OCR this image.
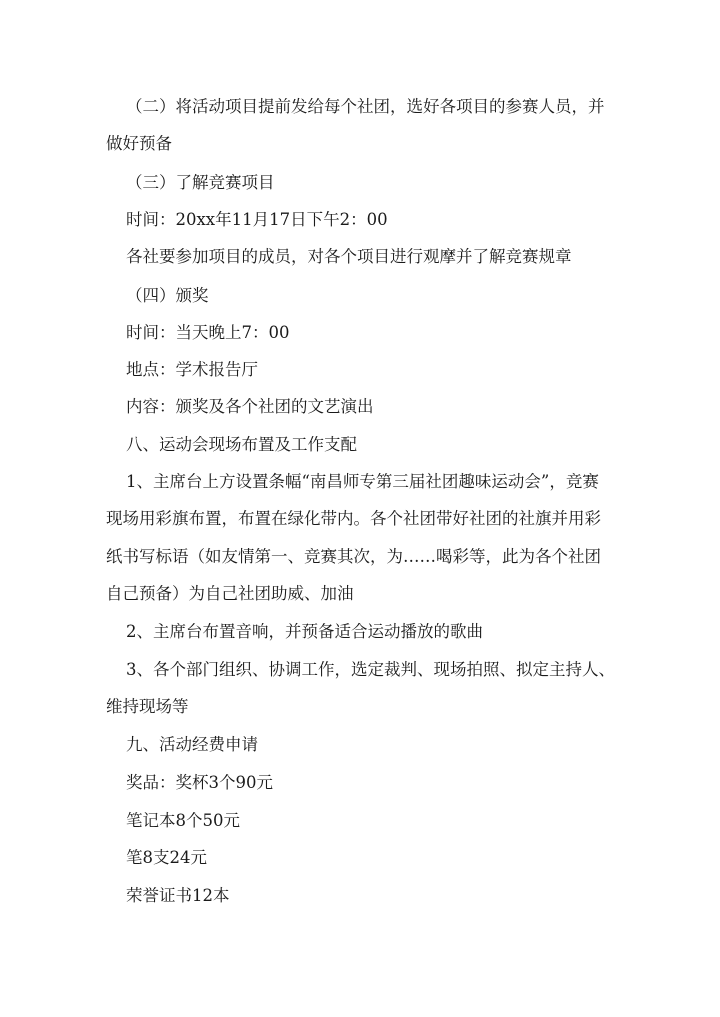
（二）将活动项目提前发给每个社团，选好各项目的参赛人员，并
做好预备
（三）了解竞赛项目
时间：20xx年11月17日下午2：00
各社要参加项目的成员，对各个项目进行观摩并了解竞赛规章
（四）颁奖
时间：当天晚上7：00
地点：学术报告厅
内容：颁奖及各个社团的文艺演出
八、运动会现场布置及工作支配
1、主席台上方设置条幅“南昌师专第三届社团趣味运动会”，竞赛
现场用彩旗布置，布置在绿化带内。各个社团带好社团的社旗并用彩
纸书写标语（如友情第一、竞赛其次，为……喝彩等，此为各个社团
自己预备）为自己社团助威、加油
2、主席台布置音响，并预备适合运动播放的歌曲
3、各个部门组织、协调工作，选定裁判、现场拍照、拟定主持人、
维持现场等
九、活动经费申请
奖品：奖杯3个90元
笔记本8个50元
笔8支24元
荣誉证书12本
